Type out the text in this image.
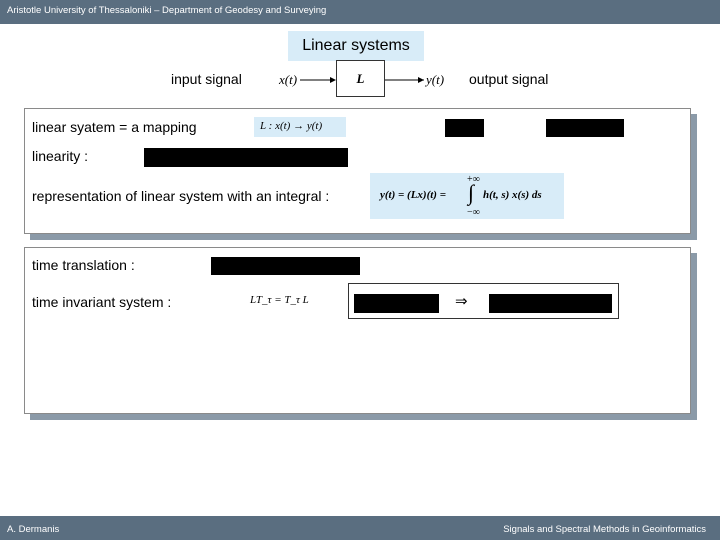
Aristotle University of Thessaloniki – Department of Geodesy and Surveying
Linear systems
input signal	output signal
x(t)	L	y(t)
linear syatem = a mapping	L : x(t) → y(t)
linearity :
representation of linear system with an integral :	y(t) = (Lx)(t) =
+∞
∫
−∞
h(t, s) x(s) ds
time translation :
time invariant system :	LT_τ = T_τ L	⇒
A. Dermanis	Signals and Spectral Methods in Geoinformatics
